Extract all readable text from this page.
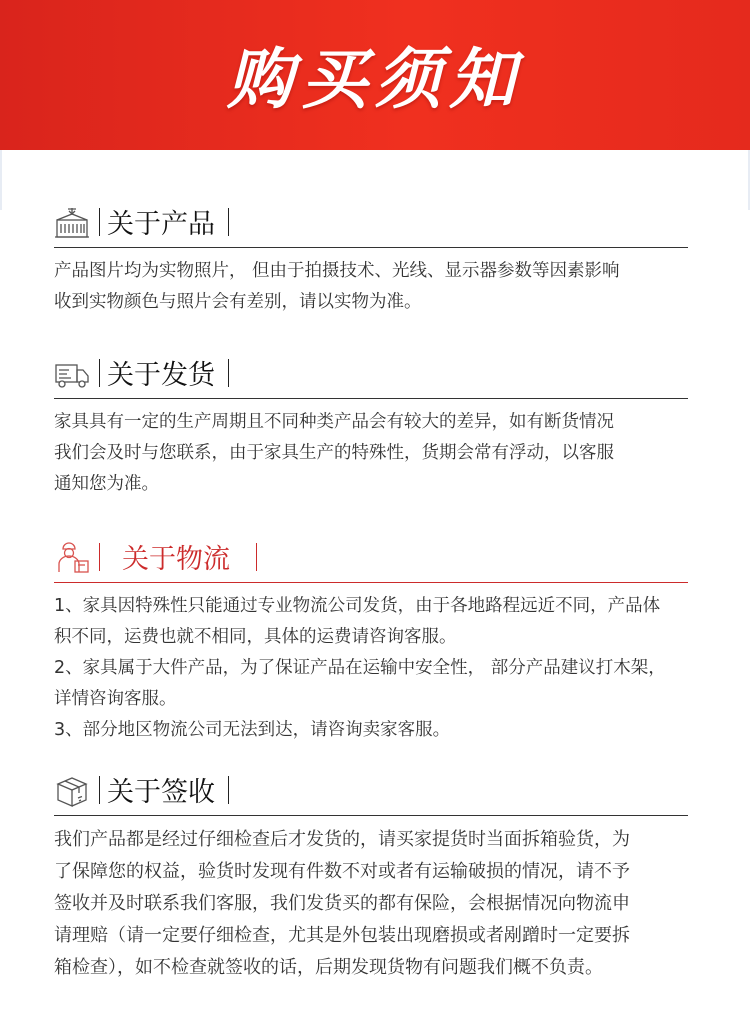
购买须知
关于产品

产品图片均为实物照片， 但由于拍摄技术、光线、显示器参数等因素影响

收到实物颜色与照片会有差别，请以实物为准。

关于发货

家具具有一定的生产周期且不同种类产品会有较大的差异，如有断货情况

我们会及时与您联系，由于家具生产的特殊性，货期会常有浮动，以客服

通知您为准。

关于物流

1、家具因特殊性只能通过专业物流公司发货，由于各地路程远近不同，产品体

积不同，运费也就不相同，具体的运费请咨询客服。

2、家具属于大件产品，为了保证产品在运输中安全性， 部分产品建议打木架，

详情咨询客服。

3、部分地区物流公司无法到达，请咨询卖家客服。

关于签收

我们产品都是经过仔细检查后才发货的，请买家提货时当面拆箱验货，为

了保障您的权益，验货时发现有件数不对或者有运输破损的情况，请不予

签收并及时联系我们客服，我们发货买的都有保险，会根据情况向物流申

请理赔（请一定要仔细检查，尤其是外包装出现磨损或者剐蹭时一定要拆

箱检查），如不检查就签收的话，后期发现货物有问题我们概不负责。
